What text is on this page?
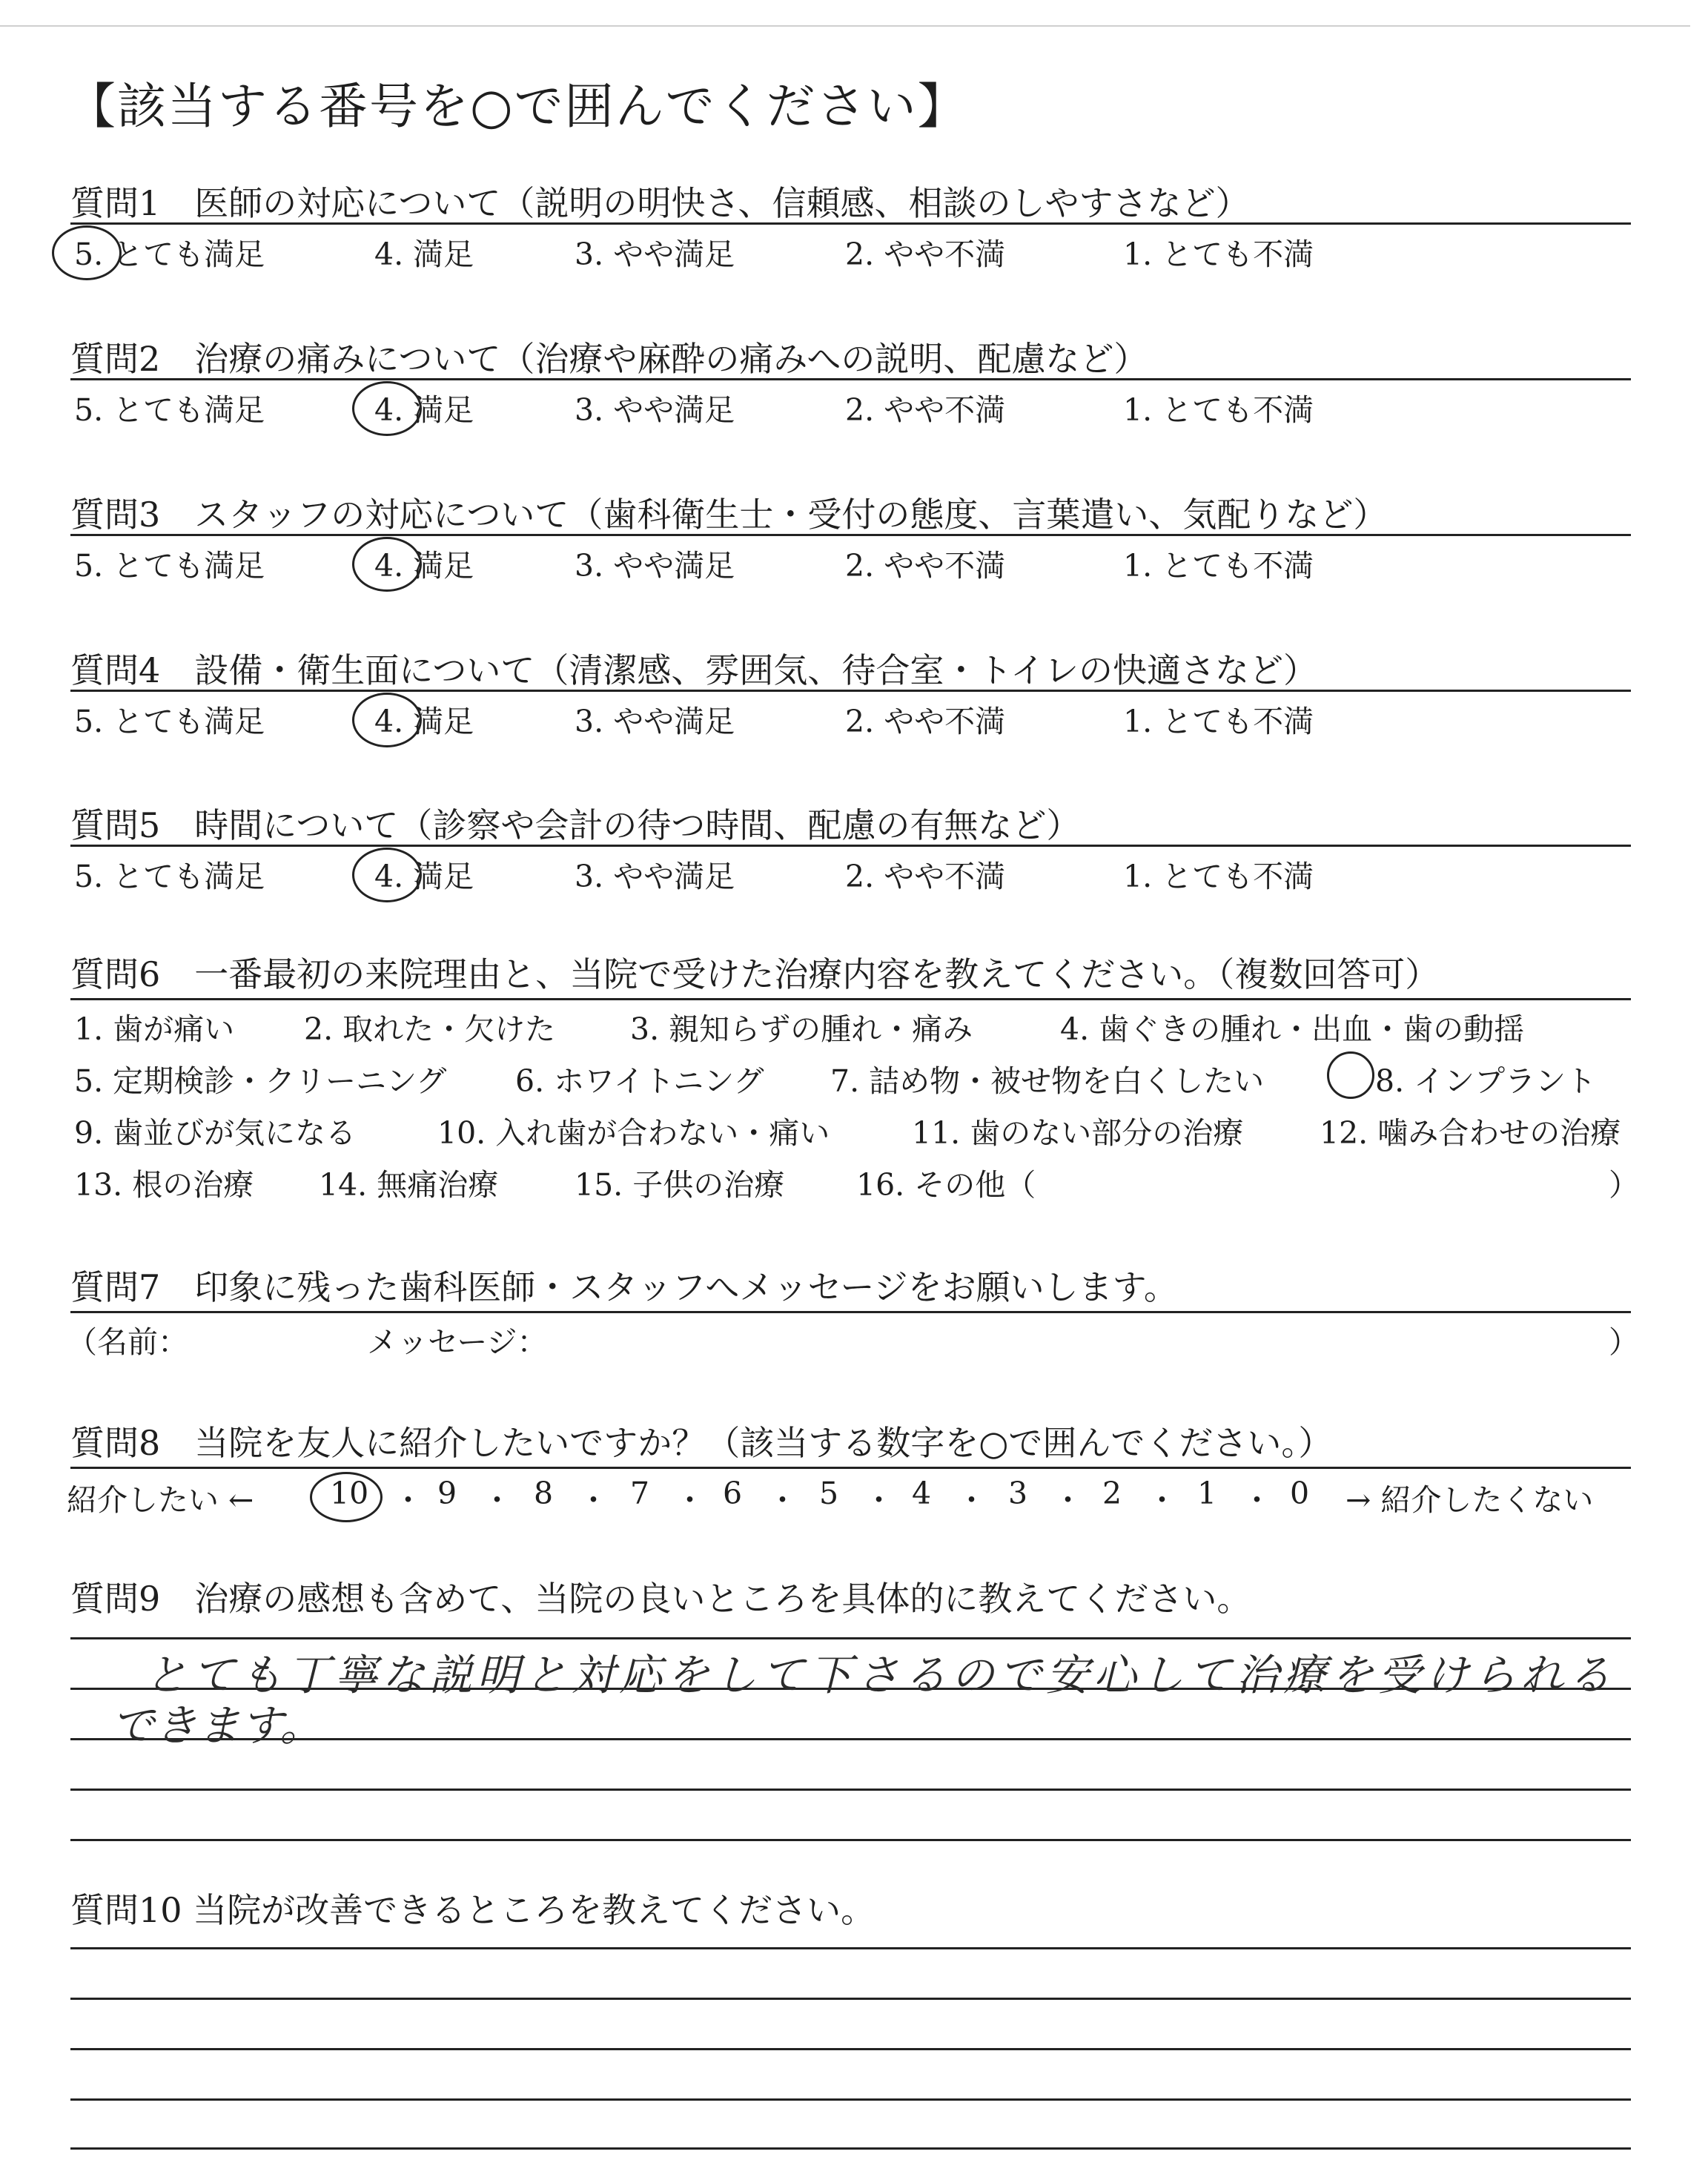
【該当する番号を○で囲んでください】
質問1　医師の対応について（説明の明快さ、信頼感、相談のしやすさなど）
5. とても満足	4. 満足	3. やや満足	2. やや不満	1. とても不満
質問2　治療の痛みについて（治療や麻酔の痛みへの説明、配慮など）
5. とても満足	4. 満足	3. やや満足	2. やや不満	1. とても不満
質問3　スタッフの対応について（歯科衛生士・受付の態度、言葉遣い、気配りなど）
5. とても満足	4. 満足	3. やや満足	2. やや不満	1. とても不満
質問4　設備・衛生面について（清潔感、雰囲気、待合室・トイレの快適さなど）
5. とても満足	4. 満足	3. やや満足	2. やや不満	1. とても不満
質問5　時間について（診察や会計の待つ時間、配慮の有無など）
5. とても満足	4. 満足	3. やや満足	2. やや不満	1. とても不満
質問6　一番最初の来院理由と、当院で受けた治療内容を教えてください。（複数回答可）
1. 歯が痛い 2. 取れた・欠けた 3. 親知らずの腫れ・痛み	4. 歯ぐきの腫れ・出血・歯の動揺
5. 定期検診・クリーニング 6. ホワイトニング 7. 詰め物・被せ物を白くしたい	8. インプラント
9. 歯並びが気になる	10. 入れ歯が合わない・痛い	11. 歯のない部分の治療	12. 噛み合わせの治療
13. 根の治療 14. 無痛治療	15. 子供の治療 16. その他（	）
質問7　印象に残った歯科医師・スタッフへメッセージをお願いします。
（名前：	メッセージ：	）
質問8　当院を友人に紹介したいですか？（該当する数字を○で囲んでください。）
紹介したい ←	10 ・ 9 ・ 8 ・ 7 ・ 6 ・ 5 ・ 4 ・ 3 ・ 2 ・ 1 ・ 0 → 紹介したくない
質問9　治療の感想も含めて、当院の良いところを具体的に教えてください。
とても丁寧な説明と対応をして下さるので安心して治療を受けられる
できます。
質問10 当院が改善できるところを教えてください。
